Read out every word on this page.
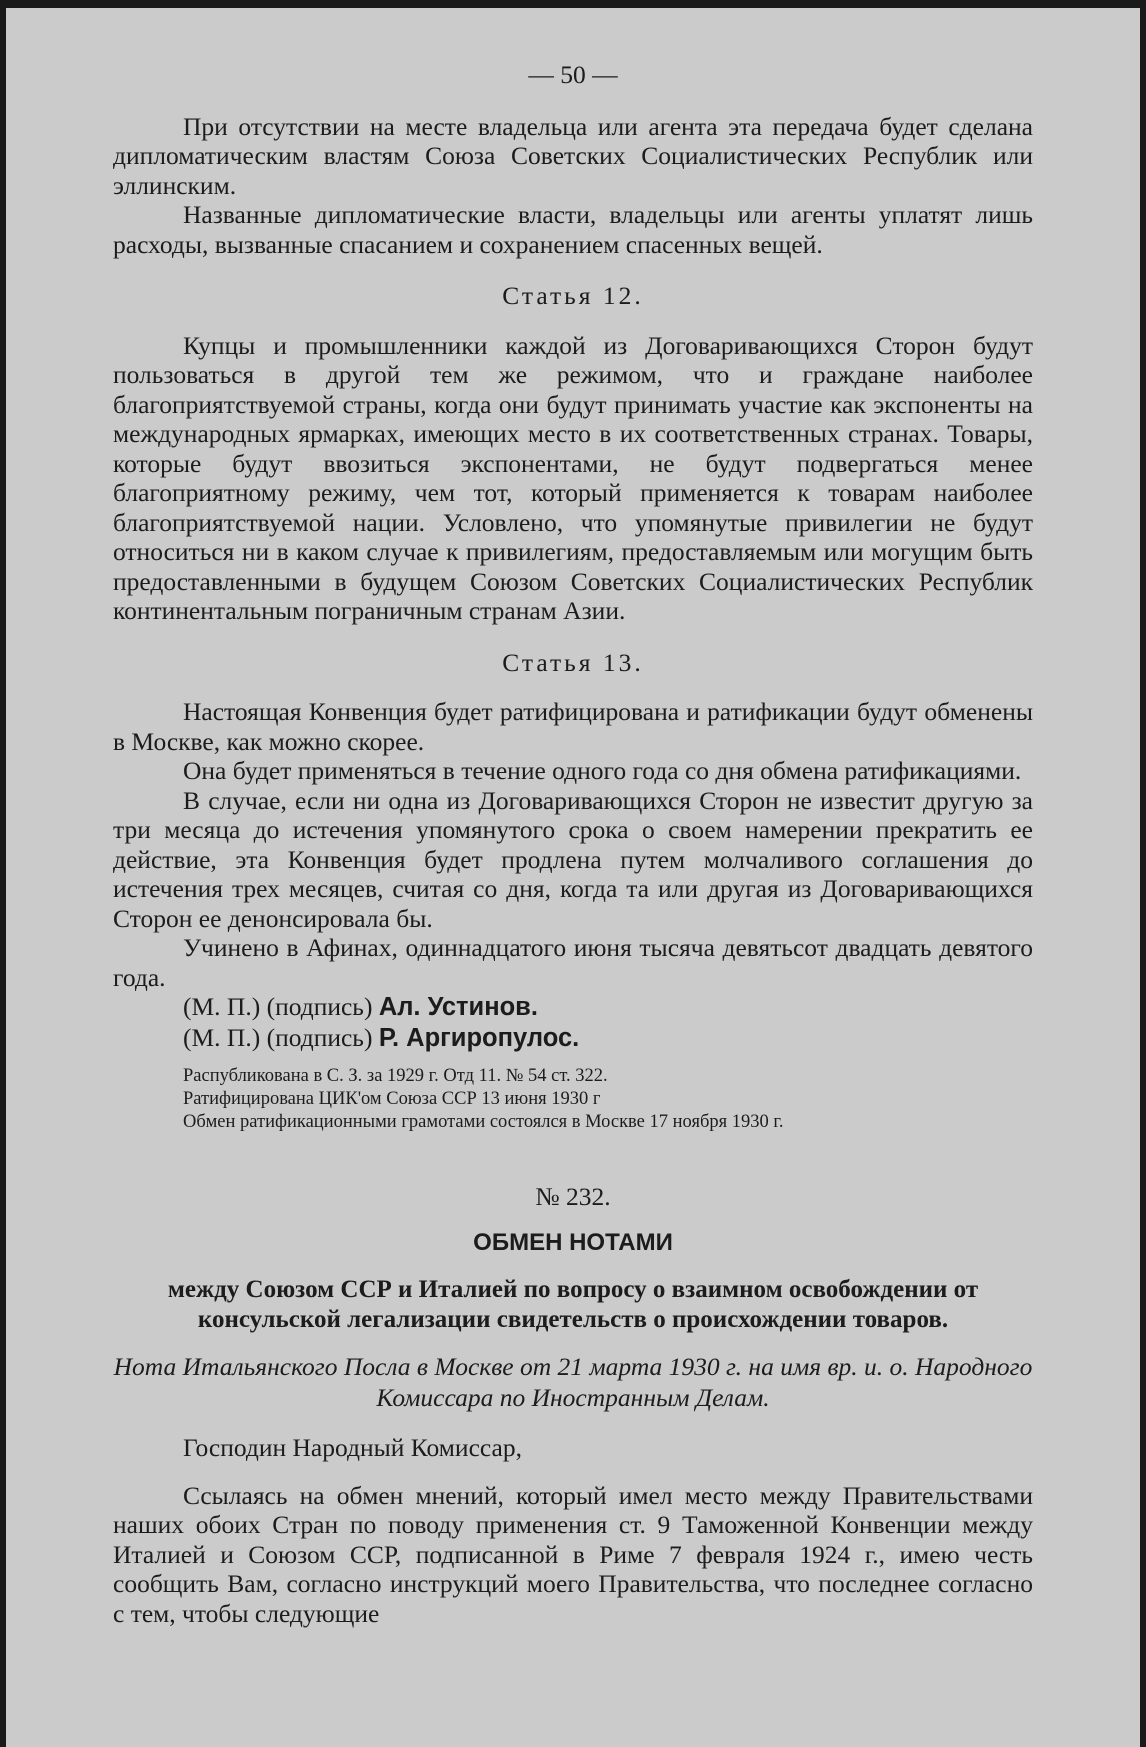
— 50 —

При отсутствии на месте владельца или агента эта передача будет сделана дипломатическим властям Союза Советских Социалистических Республик или эллинским.

Названные дипломатические власти, владельцы или агенты уплатят лишь расходы, вызванные спасанием и сохранением спасенных вещей.

Статья 12.

Купцы и промышленники каждой из Договаривающихся Сторон будут пользоваться в другой тем же режимом, что и граждане наиболее благоприятствуемой страны, когда они будут принимать участие как экспоненты на международных ярмарках, имеющих место в их соответственных странах. Товары, которые будут ввозиться экспонентами, не будут подвергаться менее благоприятному режиму, чем тот, который применяется к товарам наиболее благоприятствуемой нации. Условлено, что упомянутые привилегии не будут относиться ни в каком случае к привилегиям, предоставляемым или могущим быть предоставленными в будущем Союзом Советских Социалистических Республик континентальным пограничным странам Азии.

Статья 13.

Настоящая Конвенция будет ратифицирована и ратификации будут обменены в Москве, как можно скорее.

Она будет применяться в течение одного года со дня обмена ратификациями.

В случае, если ни одна из Договаривающихся Сторон не известит другую за три месяца до истечения упомянутого срока о своем намерении прекратить ее действие, эта Конвенция будет продлена путем молчаливого соглашения до истечения трех месяцев, считая со дня, когда та или другая из Договаривающихся Сторон ее денонсировала бы.

Учинено в Афинах, одиннадцатого июня тысяча девятьсот двадцать девятого года.

(М. П.) (подпись) Ал. Устинов.
(М. П.) (подпись) Р. Аргиропулос.
Распубликована в С. З. за 1929 г. Отд 11. № 54 ст. 322.
Ратифицирована ЦИК'ом Союза ССР 13 июня 1930 г
Обмен ратификационными грамотами состоялся в Москве 17 ноября 1930 г.
№ 232.
ОБМЕН НОТАМИ
между Союзом ССР и Италией по вопросу о взаимном освобождении от консульской легализации свидетельств о происхождении товаров.
Нота Итальянского Посла в Москве от 21 марта 1930 г. на имя вр. и. о. Народного Комиссара по Иностранным Делам.

Господин Народный Комиссар,

Ссылаясь на обмен мнений, который имел место между Правительствами наших обоих Стран по поводу применения ст. 9 Таможенной Конвенции между Италией и Союзом ССР, подписанной в Риме 7 февраля 1924 г., имею честь сообщить Вам, согласно инструкций моего Правительства, что последнее согласно с тем, чтобы следующие
